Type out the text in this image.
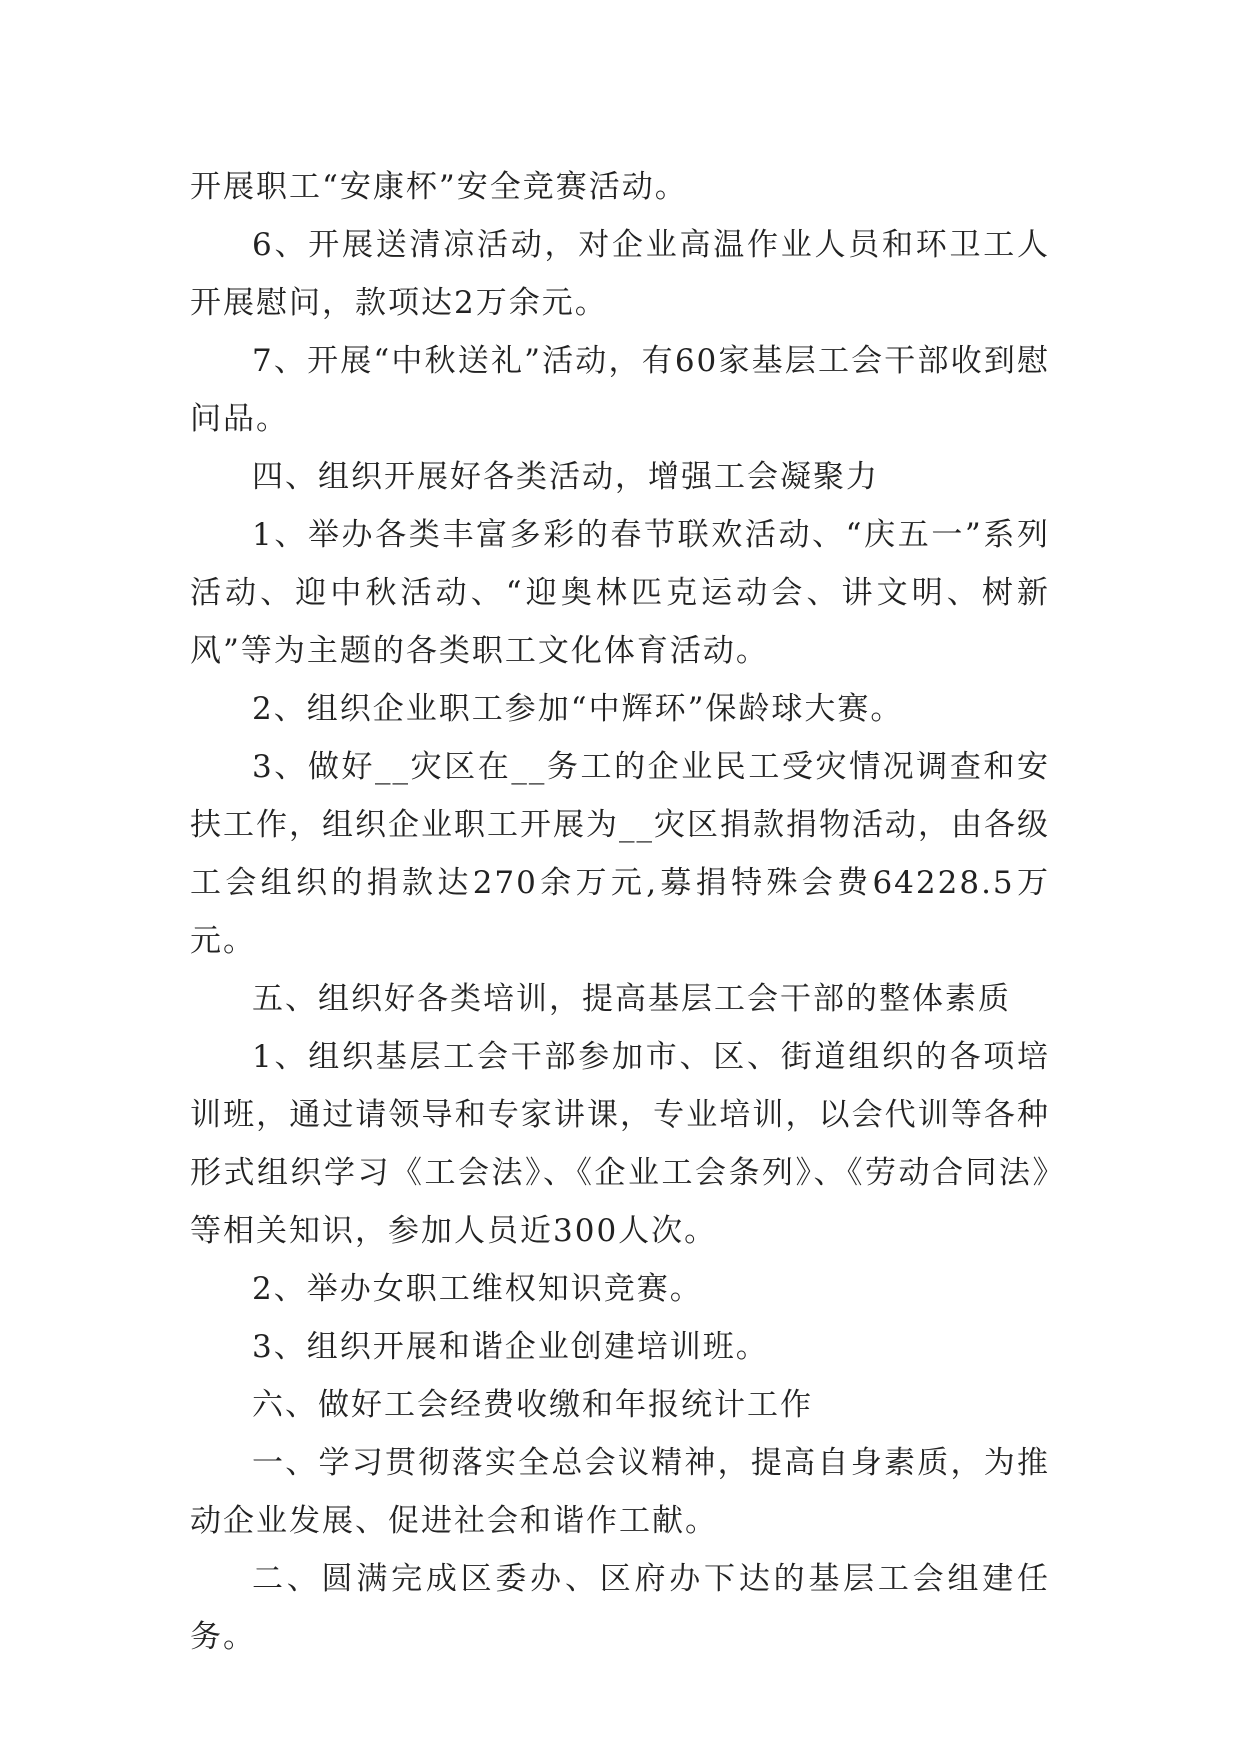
开展职工“安康杯”安全竞赛活动。

6、开展送清凉活动，对企业高温作业人员和环卫工人开展慰问，款项达2万余元。

7、开展“中秋送礼”活动，有60家基层工会干部收到慰问品。

四、组织开展好各类活动，增强工会凝聚力

1、举办各类丰富多彩的春节联欢活动、“庆五一”系列活动、迎中秋活动、“迎奥林匹克运动会、讲文明、树新风”等为主题的各类职工文化体育活动。

2、组织企业职工参加“中辉环”保龄球大赛。

3、做好__灾区在__务工的企业民工受灾情况调查和安扶工作，组织企业职工开展为__灾区捐款捐物活动，由各级工会组织的捐款达270余万元,募捐特殊会费64228.5万元。

五、组织好各类培训，提高基层工会干部的整体素质

1、组织基层工会干部参加市、区、街道组织的各项培训班，通过请领导和专家讲课，专业培训，以会代训等各种形式组织学习《工会法》、《企业工会条列》、《劳动合同法》等相关知识，参加人员近300人次。

2、举办女职工维权知识竞赛。

3、组织开展和谐企业创建培训班。

六、做好工会经费收缴和年报统计工作

一、学习贯彻落实全总会议精神，提高自身素质，为推动企业发展、促进社会和谐作工献。

二、圆满完成区委办、区府办下达的基层工会组建任务。
